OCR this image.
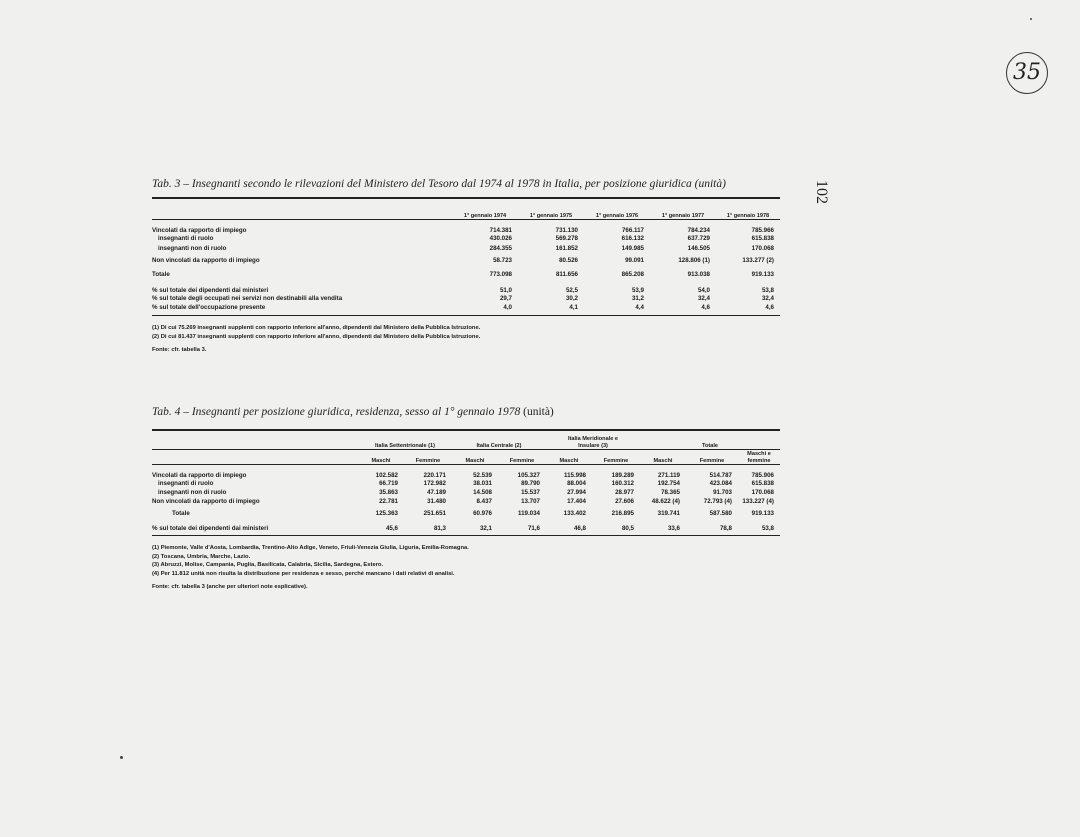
35
102
Tab. 3 – Insegnanti secondo le rilevazioni del Ministero del Tesoro dal 1974 al 1978 in Italia, per posizione giuridica (unità)
	1° gennaio 1974	1° gennaio 1975	1° gennaio 1976	1° gennaio 1977	1° gennaio 1978
Vincolati da rapporto di impiego	714.381	731.130	766.117	784.234	785.966
insegnanti di ruolo	430.026	569.278	616.132	637.729	615.838
insegnanti non di ruolo	284.355	161.852	149.985	146.505	170.068
Non vincolati da rapporto di impiego	58.723	80.526	99.091	128.806 (1)	133.277 (2)
Totale	773.098	811.656	865.208	913.038	919.133
% sul totale dei dipendenti dai ministeri	51,0	52,5	53,9	54,0	53,8
% sul totale degli occupati nei servizi non destinabili alla vendita	29,7	30,2	31,2	32,4	32,4
% sul totale dell'occupazione presente	4,0	4,1	4,4	4,6	4,6
(1) Di cui 75.269 insegnanti supplenti con rapporto inferiore all'anno, dipendenti dal Ministero della Pubblica Istruzione.
(2) Di cui 81.437 insegnanti supplenti con rapporto inferiore all'anno, dipendenti dal Ministero della Pubblica Istruzione.
Fonte: cfr. tabella 3.
Tab. 4 – Insegnanti per posizione giuridica, residenza, sesso al 1° gennaio 1978 (unità)
	Italia Settentrionale (1)		Italia Centrale (2)		Italia Meridionale e Insulare (3)		Totale		
	Maschi	Femmine	Maschi	Femmine	Maschi	Femmine	Maschi	Femmine	Maschi e femmine
Vincolati da rapporto di impiego	102.582	220.171	52.539	105.327	115.998	189.289	271.119	514.787	785.906
insegnanti di ruolo	66.719	172.982	38.031	89.790	88.004	160.312	192.754	423.084	615.838
insegnanti non di ruolo	35.863	47.189	14.508	15.537	27.994	28.977	78.365	91.703	170.068
Non vincolati da rapporto di impiego	22.781	31.480	8.437	13.707	17.404	27.606	48.622 (4)	72.793 (4)	133.227 (4)
Totale	125.363	251.651	60.976	119.034	133.402	216.895	319.741	587.580	919.133
% sul totale dei dipendenti dai ministeri	45,6	81,3	32,1	71,6	46,8	80,5	33,6	78,8	53,8
(1) Piemonte, Valle d'Aosta, Lombardia, Trentino-Alto Adige, Veneto, Friuli-Venezia Giulia, Liguria, Emilia-Romagna.
(2) Toscana, Umbria, Marche, Lazio.
(3) Abruzzi, Molise, Campania, Puglia, Basilicata, Calabria, Sicilia, Sardegna, Estero.
(4) Per 11.812 unità non risulta la distribuzione per residenza e sesso, perché mancano i dati relativi di analisi.
Fonte: cfr. tabella 3 (anche per ulteriori note esplicative).
